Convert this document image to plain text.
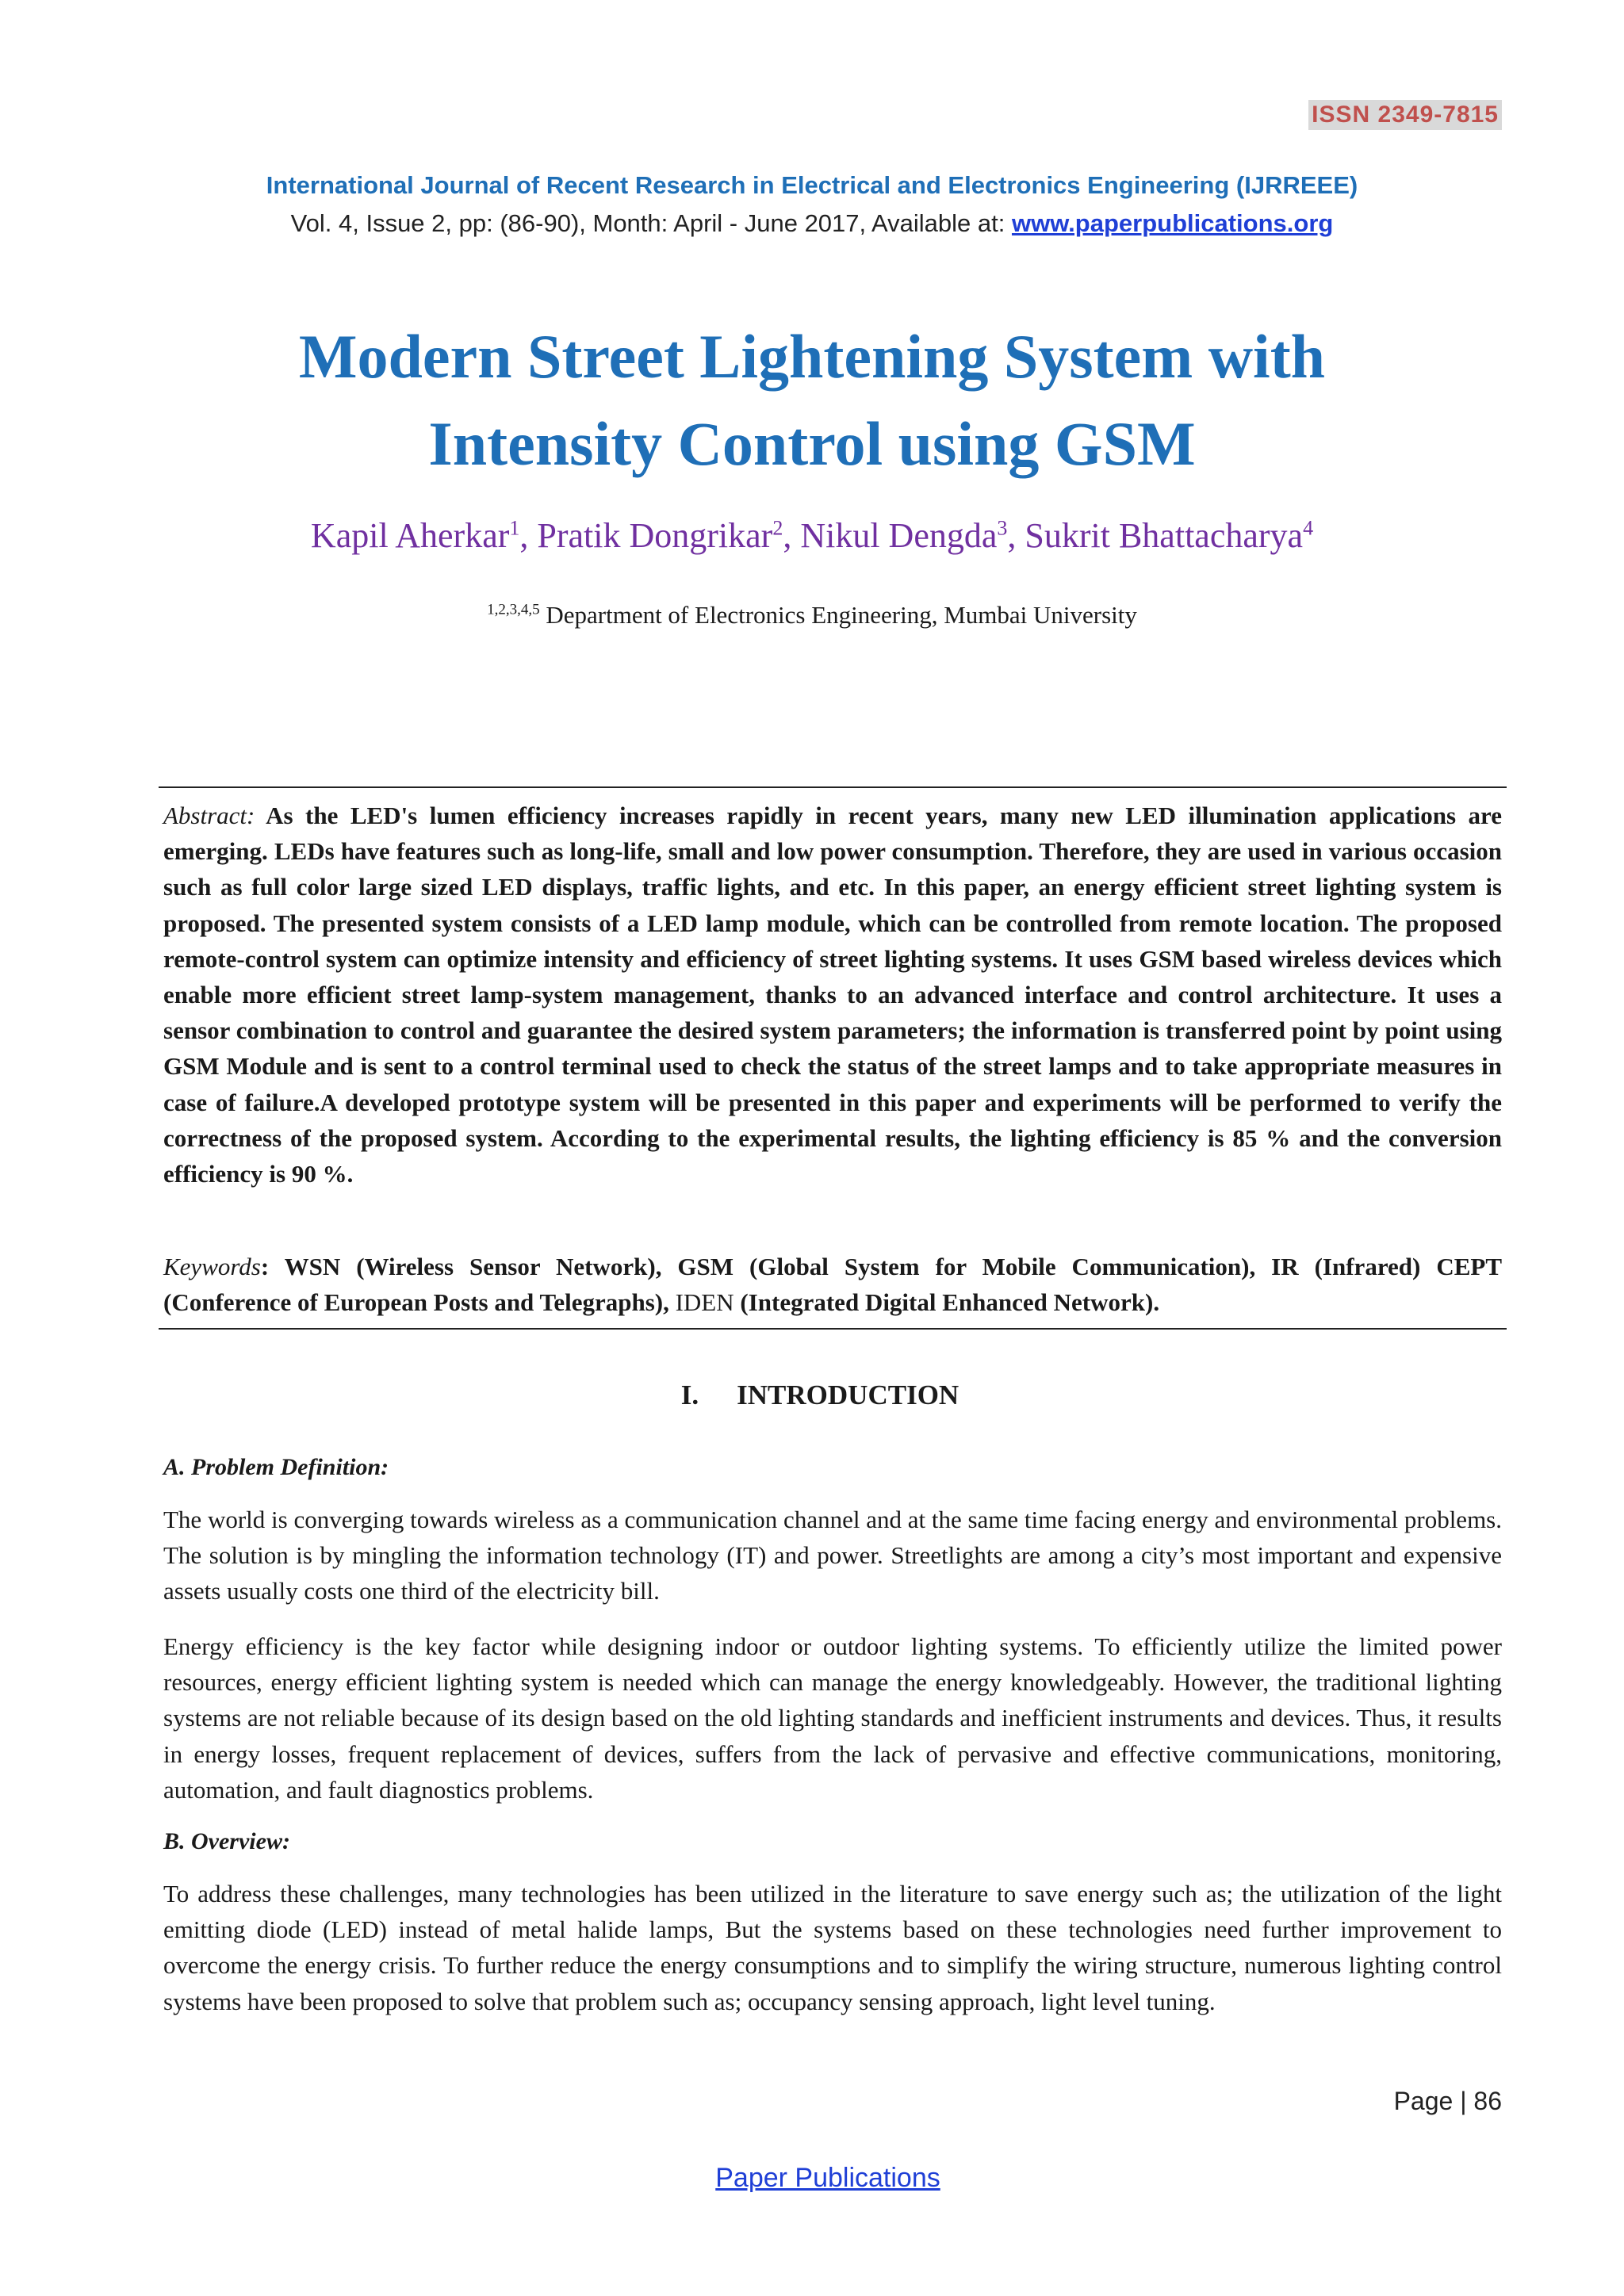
ISSN 2349-7815
International Journal of Recent Research in Electrical and Electronics Engineering (IJRREEE)
Vol. 4, Issue 2, pp: (86-90), Month: April - June 2017, Available at: www.paperpublications.org
Modern Street Lightening System with
Intensity Control using GSM
Kapil Aherkar$^1$, Pratik Dongrikar$^2$, Nikul Dengda$^3$, Sukrit Bhattacharya$^4$
$^{1,2,3,4,5}$ Department of Electronics Engineering, Mumbai University
Abstract: As the LED's lumen efficiency increases rapidly in recent years, many new LED illumination applications are emerging. LEDs have features such as long-life, small and low power consumption. Therefore, they are used in various occasion such as full color large sized LED displays, traffic lights, and etc. In this paper, an energy efficient street lighting system is proposed. The presented system consists of a LED lamp module, which can be controlled from remote location. The proposed remote-control system can optimize intensity and efficiency of street lighting systems. It uses GSM based wireless devices which enable more efficient street lamp-system management, thanks to an advanced interface and control architecture. It uses a sensor combination to control and guarantee the desired system parameters; the information is transferred point by point using GSM Module and is sent to a control terminal used to check the status of the street lamps and to take appropriate measures in case of failure.A developed prototype system will be presented in this paper and experiments will be performed to verify the correctness of the proposed system. According to the experimental results, the lighting efficiency is 85 % and the conversion efficiency is 90 %.
Keywords: WSN (Wireless Sensor Network), GSM (Global System for Mobile Communication), IR (Infrared) CEPT (Conference of European Posts and Telegraphs), IDEN (Integrated Digital Enhanced Network).
I. INTRODUCTION
A. Problem Definition:
The world is converging towards wireless as a communication channel and at the same time facing energy and environmental problems. The solution is by mingling the information technology (IT) and power. Streetlights are among a city’s most important and expensive assets usually costs one third of the electricity bill.
Energy efficiency is the key factor while designing indoor or outdoor lighting systems. To efficiently utilize the limited power resources, energy efficient lighting system is needed which can manage the energy knowledgeably. However, the traditional lighting systems are not reliable because of its design based on the old lighting standards and inefficient instruments and devices. Thus, it results in energy losses, frequent replacement of devices, suffers from the lack of pervasive and effective communications, monitoring, automation, and fault diagnostics problems.
B. Overview:
To address these challenges, many technologies has been utilized in the literature to save energy such as; the utilization of the light emitting diode (LED) instead of metal halide lamps, But the systems based on these technologies need further improvement to overcome the energy crisis. To further reduce the energy consumptions and to simplify the wiring structure, numerous lighting control systems have been proposed to solve that problem such as; occupancy sensing approach, light level tuning.
Page | 86
Paper Publications
